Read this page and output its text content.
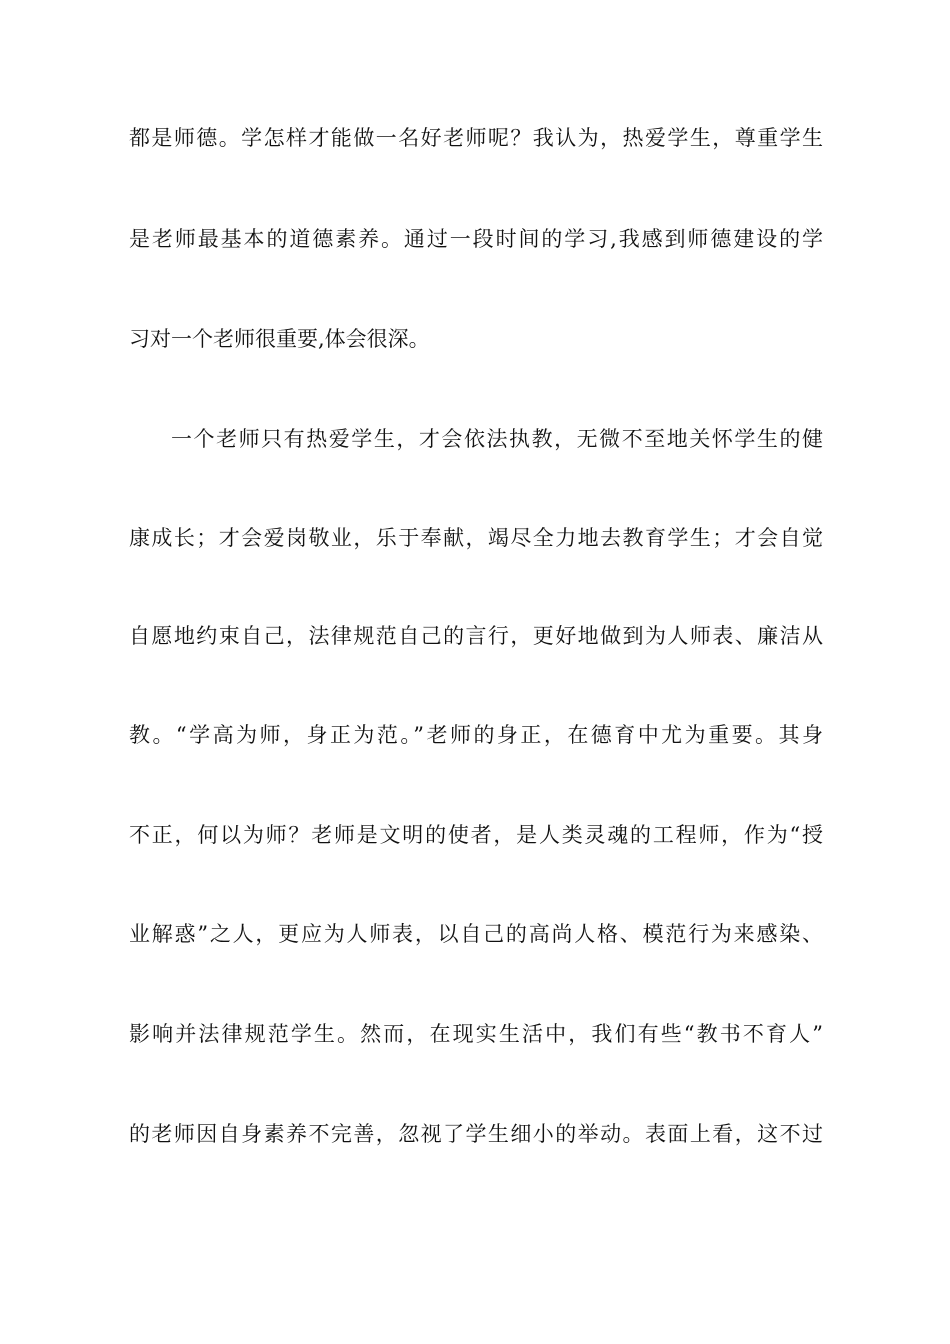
都是师德。学怎样才能做一名好老师呢？我认为，热爱学生，尊重学生
是老师最基本的道德素养。通过一段时间的学习,我感到师德建设的学
习对一个老师很重要,体会很深。
一个老师只有热爱学生，才会依法执教，无微不至地关怀学生的健
康成长；才会爱岗敬业，乐于奉献，竭尽全力地去教育学生；才会自觉
自愿地约束自己，法律规范自己的言行，更好地做到为人师表、廉洁从
教。“学高为师，身正为范。”老师的身正，在德育中尤为重要。其身
不正，何以为师？老师是文明的使者，是人类灵魂的工程师，作为“授
业解惑”之人，更应为人师表，以自己的高尚人格、模范行为来感染、
影响并法律规范学生。然而，在现实生活中，我们有些“教书不育人”
的老师因自身素养不完善，忽视了学生细小的举动。表面上看，这不过
